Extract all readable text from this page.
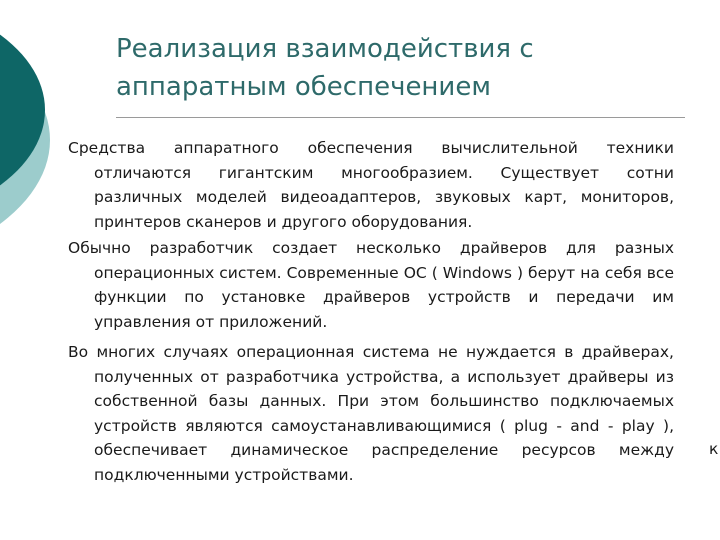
Реализация взаимодействия с аппаратным обеспечением
Средства аппаратного обеспечения вычислительной техники отличаются гигантским многообразием. Существует сотни различных моделей видеоадаптеров, звуковых карт, мониторов, принтеров сканеров и другого оборудования.
Обычно разработчик создает несколько драйверов для разных операционных систем. Современные ОС ( Windows ) берут на себя все функции по установке драйверов устройств и передачи им управления от приложений.
Во многих случаях операционная система не нуждается в драйверах, полученных от разработчика устройства, а использует драйверы из собственной базы данных. При этом большинство подключаемых устройств являются самоустанавливающимися ( plug - and - play ), обеспечивает динамическое распределение ресурсов между подключенными устройствами.
к
